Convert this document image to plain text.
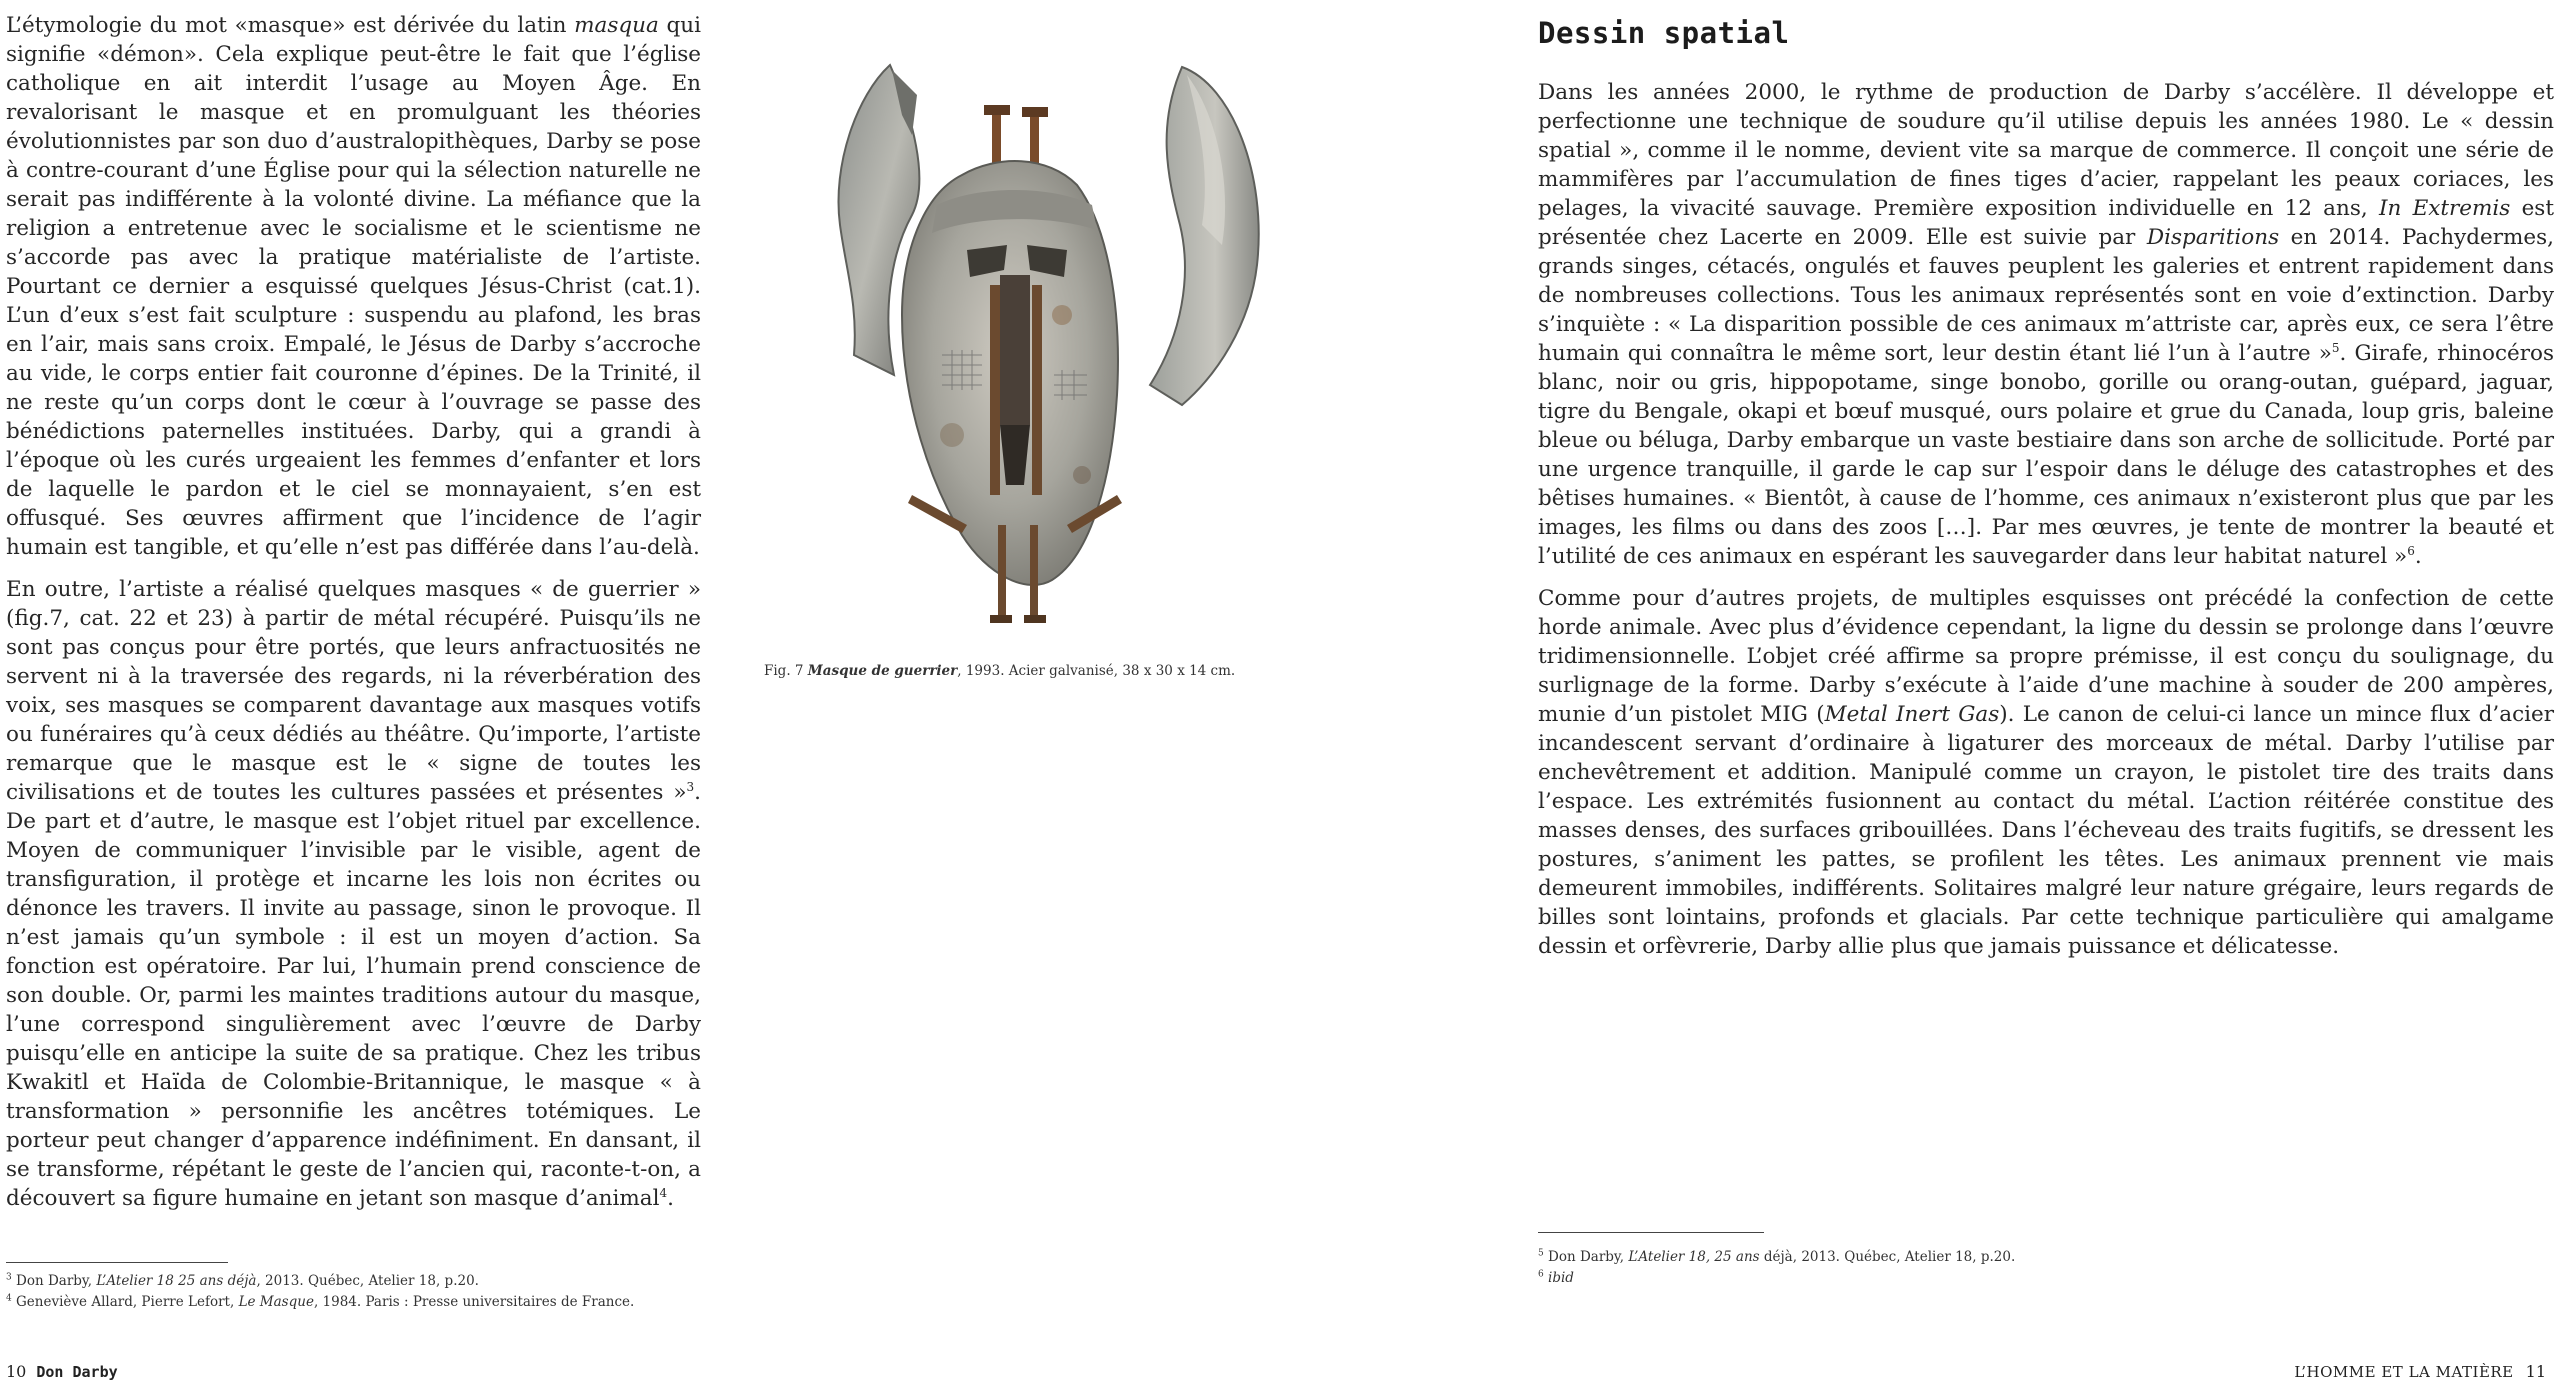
L’étymologie du mot «masque» est dérivée du latin masqua qui signifie «démon». Cela explique peut-être le fait que l’église catholique en ait interdit l’usage au Moyen Âge. En revalorisant le masque et en promulguant les théories évolutionnistes par son duo d’australopithèques, Darby se pose à contre-courant d’une Église pour qui la sélection naturelle ne serait pas indifférente à la volonté divine. La méfiance que la religion a entretenue avec le socialisme et le scientisme ne s’accorde pas avec la pratique matérialiste de l’artiste. Pourtant ce dernier a esquissé quelques Jésus-Christ (cat.1). L’un d’eux s’est fait sculpture : suspendu au plafond, les bras en l’air, mais sans croix. Empalé, le Jésus de Darby s’accroche au vide, le corps entier fait couronne d’épines. De la Trinité, il ne reste qu’un corps dont le cœur à l’ouvrage se passe des bénédictions paternelles instituées. Darby, qui a grandi à l’époque où les curés urgeaient les femmes d’enfanter et lors de laquelle le pardon et le ciel se monnayaient, s’en est offusqué. Ses œuvres affirment que l’incidence de l’agir humain est tangible, et qu’elle n’est pas différée dans l’au-delà.

En outre, l’artiste a réalisé quelques masques « de guerrier » (fig.7, cat. 22 et 23) à partir de métal récupéré. Puisqu’ils ne sont pas conçus pour être portés, que leurs anfractuosités ne servent ni à la traversée des regards, ni la réverbération des voix, ses masques se comparent davantage aux masques votifs ou funéraires qu’à ceux dédiés au théâtre. Qu’importe, l’artiste remarque que le masque est le « signe de toutes les civilisations et de toutes les cultures passées et présentes »$^3$. De part et d’autre, le masque est l’objet rituel par excellence. Moyen de communiquer l’invisible par le visible, agent de transfiguration, il protège et incarne les lois non écrites ou dénonce les travers. Il invite au passage, sinon le provoque. Il n’est jamais qu’un symbole : il est un moyen d’action. Sa fonction est opératoire. Par lui, l’humain prend conscience de son double. Or, parmi les maintes traditions autour du masque, l’une correspond singulièrement avec l’œuvre de Darby puisqu’elle en anticipe la suite de sa pratique. Chez les tribus Kwakitl et Haïda de Colombie-Britannique, le masque « à transformation » personnifie les ancêtres totémiques. Le porteur peut changer d’apparence indéfiniment. En dansant, il se transforme, répétant le geste de l’ancien qui, raconte-t-on, a découvert sa figure humaine en jetant son masque d’animal$^4$.

Fig. 7 Masque de guerrier, 1993. Acier galvanisé, 38 x 30 x 14 cm.
$^3$ Don Darby, L’Atelier 18 25 ans déjà, 2013. Québec, Atelier 18, p.20.
$^4$ Geneviève Allard, Pierre Lefort, Le Masque, 1984. Paris : Presse universitaires de France.
10 Don Darby
Dessin spatial

Dans les années 2000, le rythme de production de Darby s’accélère. Il développe et perfectionne une technique de soudure qu’il utilise depuis les années 1980. Le « dessin spatial », comme il le nomme, devient vite sa marque de commerce. Il conçoit une série de mammifères par l’accumulation de fines tiges d’acier, rappelant les peaux coriaces, les pelages, la vivacité sauvage. Première exposition individuelle en 12 ans, In Extremis est présentée chez Lacerte en 2009. Elle est suivie par Disparitions en 2014. Pachydermes, grands singes, cétacés, ongulés et fauves peuplent les galeries et entrent rapidement dans de nombreuses collections. Tous les animaux représentés sont en voie d’extinction. Darby s’inquiète : « La disparition possible de ces animaux m’attriste car, après eux, ce sera l’être humain qui connaîtra le même sort, leur destin étant lié l’un à l’autre »$^5$. Girafe, rhinocéros blanc, noir ou gris, hippopotame, singe bonobo, gorille ou orang-outan, guépard, jaguar, tigre du Bengale, okapi et bœuf musqué, ours polaire et grue du Canada, loup gris, baleine bleue ou béluga, Darby embarque un vaste bestiaire dans son arche de sollicitude. Porté par une urgence tranquille, il garde le cap sur l’espoir dans le déluge des catastrophes et des bêtises humaines. « Bientôt, à cause de l’homme, ces animaux n’existeront plus que par les images, les films ou dans des zoos […]. Par mes œuvres, je tente de montrer la beauté et l’utilité de ces animaux en espérant les sauvegarder dans leur habitat naturel »$^6$.

Comme pour d’autres projets, de multiples esquisses ont précédé la confection de cette horde animale. Avec plus d’évidence cependant, la ligne du dessin se prolonge dans l’œuvre tridimensionnelle. L’objet créé affirme sa propre prémisse, il est conçu du soulignage, du surlignage de la forme. Darby s’exécute à l’aide d’une machine à souder de 200 ampères, munie d’un pistolet MIG (Metal Inert Gas). Le canon de celui-ci lance un mince flux d’acier incandescent servant d’ordinaire à ligaturer des morceaux de métal. Darby l’utilise par enchevêtrement et addition. Manipulé comme un crayon, le pistolet tire des traits dans l’espace. Les extrémités fusionnent au contact du métal. L’action réitérée constitue des masses denses, des surfaces gribouillées. Dans l’écheveau des traits fugitifs, se dressent les postures, s’animent les pattes, se profilent les têtes. Les animaux prennent vie mais demeurent immobiles, indifférents. Solitaires malgré leur nature grégaire, leurs regards de billes sont lointains, profonds et glacials. Par cette technique particulière qui amalgame dessin et orfèvrerie, Darby allie plus que jamais puissance et délicatesse.

$^5$ Don Darby, L’Atelier 18, 25 ans déjà, 2013. Québec, Atelier 18, p.20.
$^6$ ibid
L’HOMME ET LA MATIÈRE 11
